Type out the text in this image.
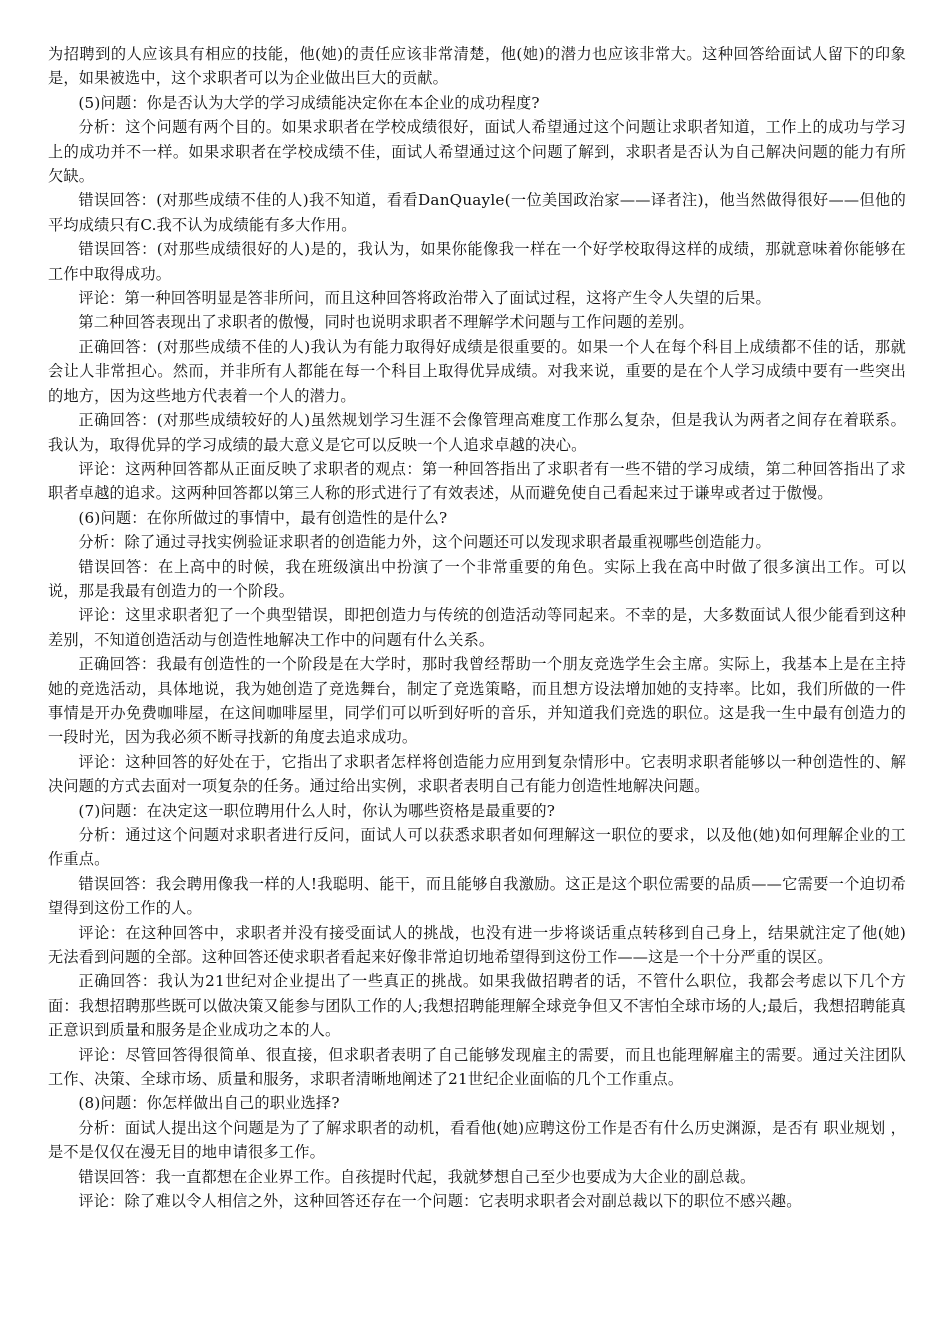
为招聘到的人应该具有相应的技能，他(她)的责任应该非常清楚，他(她)的潜力也应该非常大。这种回答给面试人留下的印象是，如果被选中，这个求职者可以为企业做出巨大的贡献。

(5)问题：你是否认为大学的学习成绩能决定你在本企业的成功程度?

分析：这个问题有两个目的。如果求职者在学校成绩很好，面试人希望通过这个问题让求职者知道，工作上的成功与学习上的成功并不一样。如果求职者在学校成绩不佳，面试人希望通过这个问题了解到，求职者是否认为自己解决问题的能力有所欠缺。

错误回答：(对那些成绩不佳的人)我不知道，看看DanQuayle(一位美国政治家——译者注)，他当然做得很好——但他的平均成绩只有C.我不认为成绩能有多大作用。

错误回答：(对那些成绩很好的人)是的，我认为，如果你能像我一样在一个好学校取得这样的成绩，那就意味着你能够在工作中取得成功。

评论：第一种回答明显是答非所问，而且这种回答将政治带入了面试过程，这将产生令人失望的后果。

第二种回答表现出了求职者的傲慢，同时也说明求职者不理解学术问题与工作问题的差别。

正确回答：(对那些成绩不佳的人)我认为有能力取得好成绩是很重要的。如果一个人在每个科目上成绩都不佳的话，那就会让人非常担心。然而，并非所有人都能在每一个科目上取得优异成绩。对我来说，重要的是在个人学习成绩中要有一些突出的地方，因为这些地方代表着一个人的潜力。

正确回答：(对那些成绩较好的人)虽然规划学习生涯不会像管理高难度工作那么复杂，但是我认为两者之间存在着联系。我认为，取得优异的学习成绩的最大意义是它可以反映一个人追求卓越的决心。

评论：这两种回答都从正面反映了求职者的观点：第一种回答指出了求职者有一些不错的学习成绩，第二种回答指出了求职者卓越的追求。这两种回答都以第三人称的形式进行了有效表述，从而避免使自己看起来过于谦卑或者过于傲慢。

(6)问题：在你所做过的事情中，最有创造性的是什么?

分析：除了通过寻找实例验证求职者的创造能力外，这个问题还可以发现求职者最重视哪些创造能力。

错误回答：在上高中的时候，我在班级演出中扮演了一个非常重要的角色。实际上我在高中时做了很多演出工作。可以说，那是我最有创造力的一个阶段。

评论：这里求职者犯了一个典型错误，即把创造力与传统的创造活动等同起来。不幸的是，大多数面试人很少能看到这种差别，不知道创造活动与创造性地解决工作中的问题有什么关系。

正确回答：我最有创造性的一个阶段是在大学时，那时我曾经帮助一个朋友竞选学生会主席。实际上，我基本上是在主持她的竞选活动，具体地说，我为她创造了竞选舞台，制定了竞选策略，而且想方设法增加她的支持率。比如，我们所做的一件事情是开办免费咖啡屋，在这间咖啡屋里，同学们可以听到好听的音乐，并知道我们竞选的职位。这是我一生中最有创造力的一段时光，因为我必须不断寻找新的角度去追求成功。

评论：这种回答的好处在于，它指出了求职者怎样将创造能力应用到复杂情形中。它表明求职者能够以一种创造性的、解决问题的方式去面对一项复杂的任务。通过给出实例，求职者表明自己有能力创造性地解决问题。

(7)问题：在决定这一职位聘用什么人时，你认为哪些资格是最重要的?

分析：通过这个问题对求职者进行反问，面试人可以获悉求职者如何理解这一职位的要求，以及他(她)如何理解企业的工作重点。

错误回答：我会聘用像我一样的人!我聪明、能干，而且能够自我激励。这正是这个职位需要的品质——它需要一个迫切希望得到这份工作的人。

评论：在这种回答中，求职者并没有接受面试人的挑战，也没有进一步将谈话重点转移到自己身上，结果就注定了他(她)无法看到问题的全部。这种回答还使求职者看起来好像非常迫切地希望得到这份工作——这是一个十分严重的误区。

正确回答：我认为21世纪对企业提出了一些真正的挑战。如果我做招聘者的话，不管什么职位，我都会考虑以下几个方面：我想招聘那些既可以做决策又能参与团队工作的人;我想招聘能理解全球竞争但又不害怕全球市场的人;最后，我想招聘能真正意识到质量和服务是企业成功之本的人。

评论：尽管回答得很简单、很直接，但求职者表明了自己能够发现雇主的需要，而且也能理解雇主的需要。通过关注团队工作、决策、全球市场、质量和服务，求职者清晰地阐述了21世纪企业面临的几个工作重点。

(8)问题：你怎样做出自己的职业选择?

分析：面试人提出这个问题是为了了解求职者的动机，看看他(她)应聘这份工作是否有什么历史渊源，是否有 职业规划 ，是不是仅仅在漫无目的地申请很多工作。

错误回答：我一直都想在企业界工作。自孩提时代起，我就梦想自己至少也要成为大企业的副总裁。

评论：除了难以令人相信之外，这种回答还存在一个问题：它表明求职者会对副总裁以下的职位不感兴趣。
